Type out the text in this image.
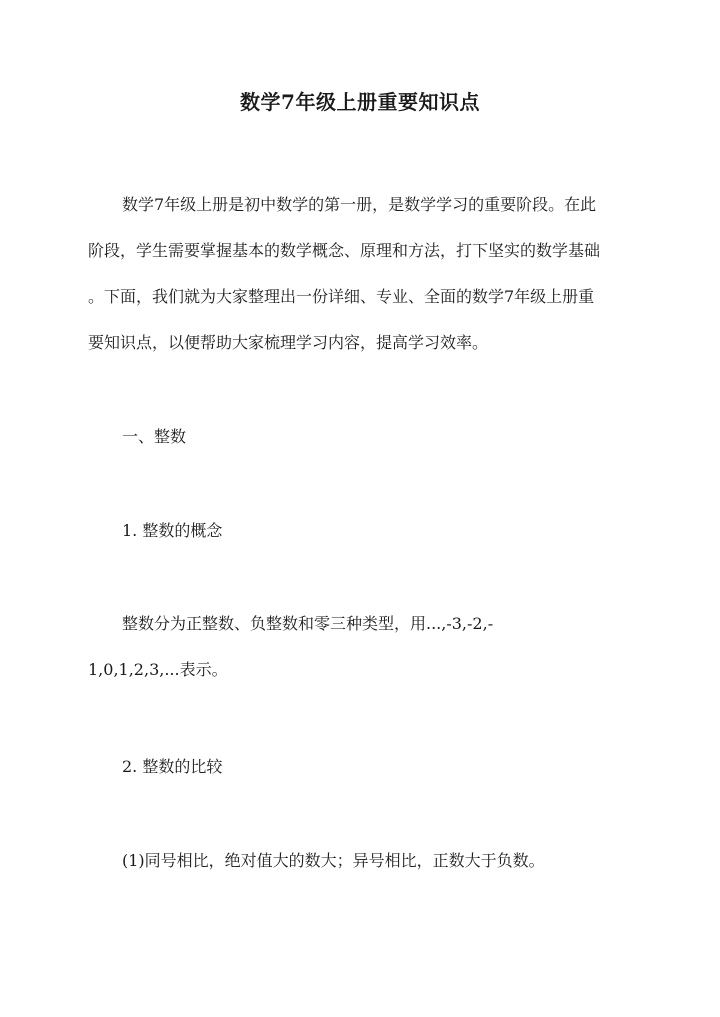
数学7年级上册重要知识点
数学7年级上册是初中数学的第一册，是数学学习的重要阶段。在此
阶段，学生需要掌握基本的数学概念、原理和方法，打下坚实的数学基础
。下面，我们就为大家整理出一份详细、专业、全面的数学7年级上册重
要知识点，以便帮助大家梳理学习内容，提高学习效率。
一、整数
1. 整数的概念
整数分为正整数、负整数和零三种类型，用...,-3,-2,-
1,0,1,2,3,...表示。
2. 整数的比较
(1)同号相比，绝对值大的数大；异号相比，正数大于负数。
